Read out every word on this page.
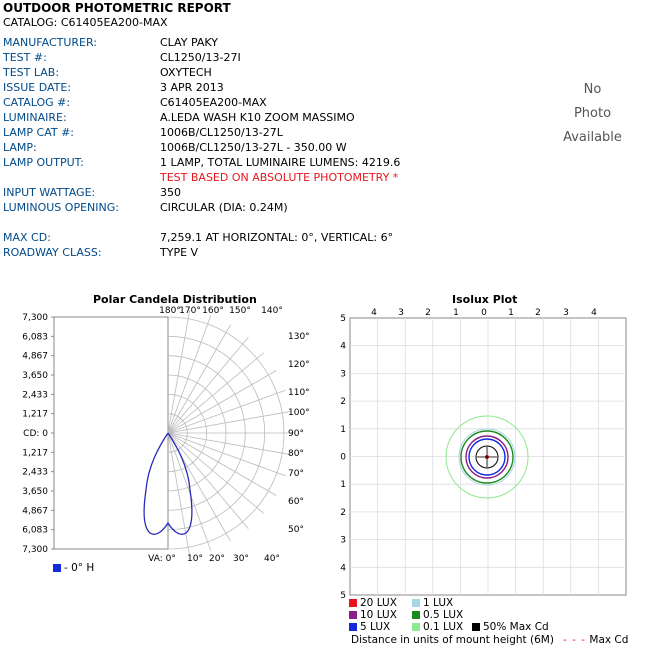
OUTDOOR PHOTOMETRIC REPORT
CATALOG: C61405EA200-MAX
MANUFACTURER:	CLAY PAKY
TEST #:	CL1250/13-27I
TEST LAB:	OXYTECH
ISSUE DATE:	3 APR 2013
CATALOG #:	C61405EA200-MAX
LUMINAIRE:	A.LEDA WASH K10 ZOOM MASSIMO
LAMP CAT #:	1006B/CL1250/13-27L
LAMP:	1006B/CL1250/13-27L - 350.00 W
LAMP OUTPUT:	1 LAMP, TOTAL LUMINAIRE LUMENS: 4219.6
TEST BASED ON ABSOLUTE PHOTOMETRY *
INPUT WATTAGE:	350
LUMINOUS OPENING:	CIRCULAR (DIA: 0.24M)
MAX CD:	7,259.1 AT HORIZONTAL: 0°, VERTICAL: 6°
ROADWAY CLASS:	TYPE V
No
Photo
Available
Polar Candela Distribution
7,300
6,083
4,867
3,650
2,433
1,217
CD: 0
1,217
2,433
3,650
4,867
6,083
7,300
180°
170° 160° 150° 140°
130°
120°
110°
100°
90°
80°
70°
60°
50°
VA: 0° 10° 20° 30° 40°
- 0° H
Isolux Plot
4 3 2 1 0 1 2 3 4
5
4
3
2
1
0
1
2
3
4
5
20 LUX	1 LUX
10 LUX	0.5 LUX
5 LUX	0.1 LUX	50% Max Cd
Distance in units of mount height (6M) - - - Max Cd
